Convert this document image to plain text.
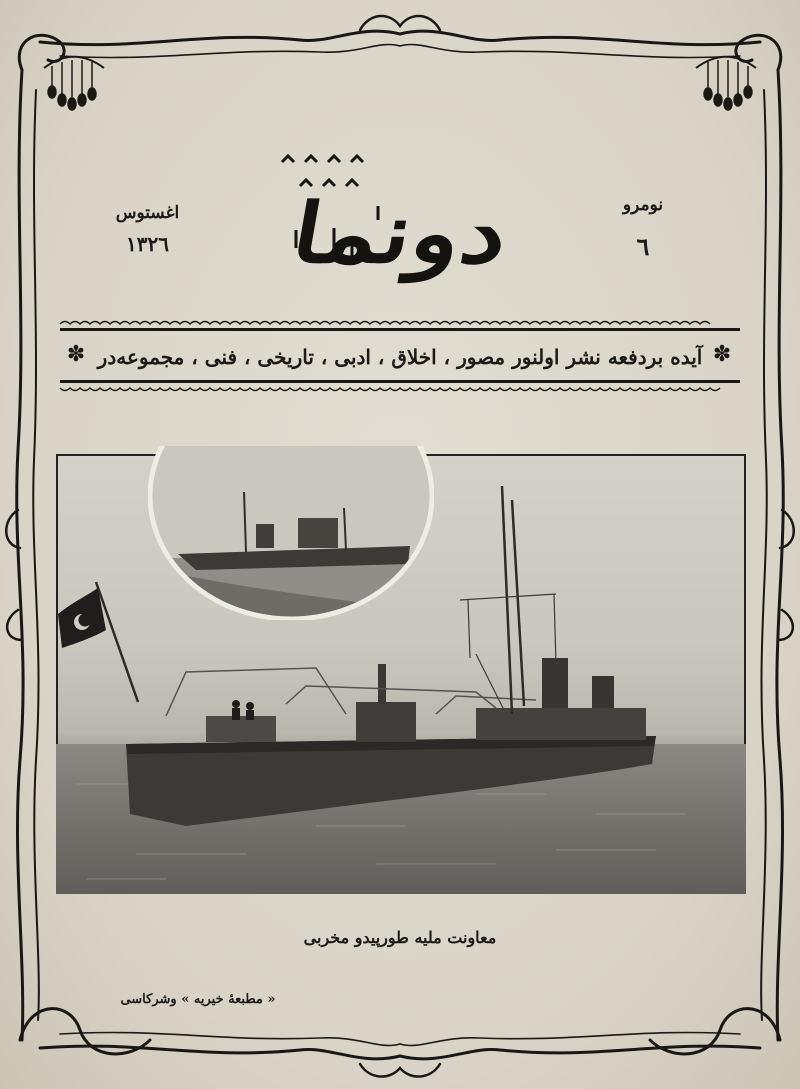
دونما	نومرو
٦
اغستوس
١٣٢٦
✽ آیده بردفعه نشر اولنور مصور ، اخلاق ، ادبی ، تاریخی ، فنی ، مجموعه‌در ✽
معاونت ملیه طورپیدو مخربی
« مطبعهٔ خیریه » وشرکاسی
